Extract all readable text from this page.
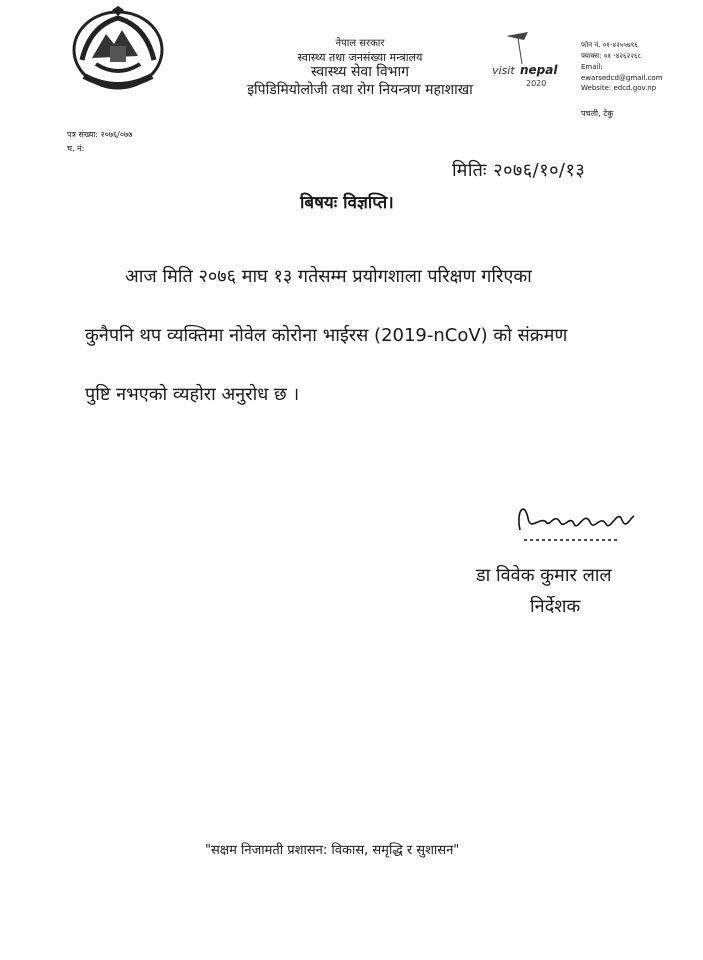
नेपाल सरकार
स्वास्थ्य तथा जनसंख्या मन्त्रालय
स्वास्थ्य सेवा विभाग
इपिडिमियोलोजी तथा रोग नियन्त्रण महाशाखा
visit nepal
2020
फोन नं. ०१-४२५५७९६
फ्याक्स: ०१ -४२६२२६८
Email:
ewarsedcd@gmail.com
Website: edcd.gov.np
पचली, टेकु
पत्र संख्या: २०७६/०७७
च. नं:
मितिः २०७६/१०/१३
बिषयः विज्ञप्ति।

आज मिति २०७६ माघ १३ गतेसम्म प्रयोगशाला परिक्षण गरिएका

कुनैपनि थप व्यक्तिमा नोवेल कोरोना भाईरस (2019-nCoV) को संक्रमण

पुष्टि नभएको व्यहोरा अनुरोध छ ।

डा विवेक कुमार लाल
निर्देशक
"सक्षम निजामती प्रशासन: विकास, समृद्धि र सुशासन"
